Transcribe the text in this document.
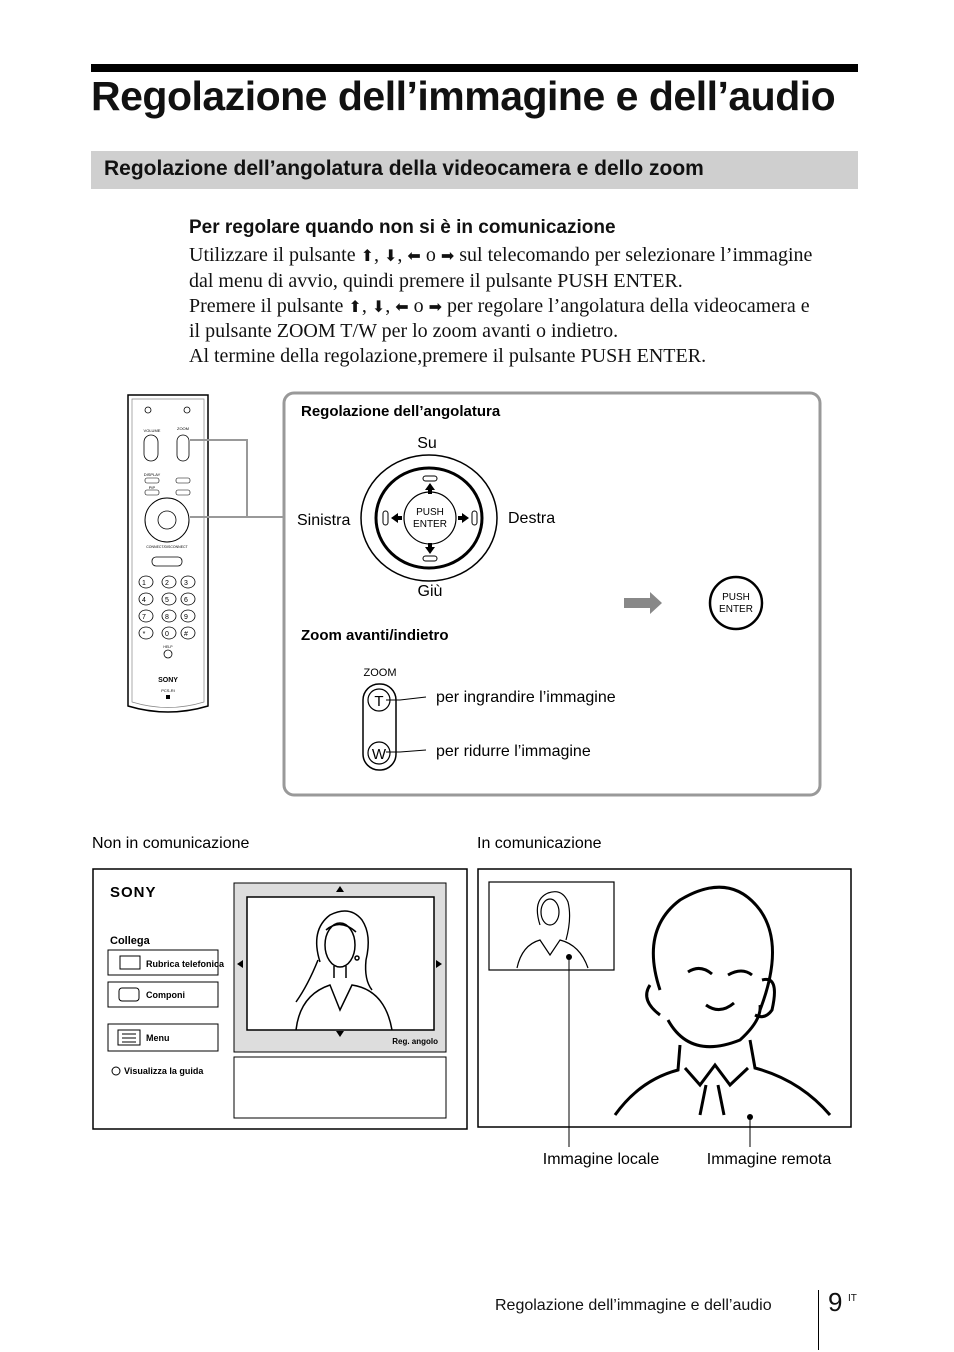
Regolazione dell’immagine e dell’audio
Regolazione dell’angolatura della videocamera e dello zoom
Per regolare quando non si è in comunicazione
Utilizzare il pulsante ⬆, ⬇, ⬅ o ➡ sul telecomando per selezionare l’immagine
dal menu di avvio, quindi premere il pulsante PUSH ENTER.
Premere il pulsante ⬆, ⬇, ⬅ o ➡ per regolare l’angolatura della videocamera e
il pulsante ZOOM T/W per lo zoom avanti o indietro.
Al termine della regolazione,premere il pulsante PUSH ENTER.
VOLUME	ZOOM
DISPLAY
PIP
CONNECT/DISCONNECT
1	2 3
4	5 6
7	8 9
*	0 #
HELP
SONY
PCS-RI
Regolazione dell’angolatura
Su
Giù
Sinistra	Destra
PUSH
ENTER
PUSH
ENTER
Zoom avanti/indietro
ZOOM
T
W
per ingrandire l’immagine
per ridurre l’immagine
Non in comunicazione	In comunicazione
SONY
Collega
Rubrica telefonica
Componi
Menu
Visualizza la guida
Reg. angolo
Immagine locale	Immagine remota
Regolazione dell’immagine e dell’audio 9 IT
